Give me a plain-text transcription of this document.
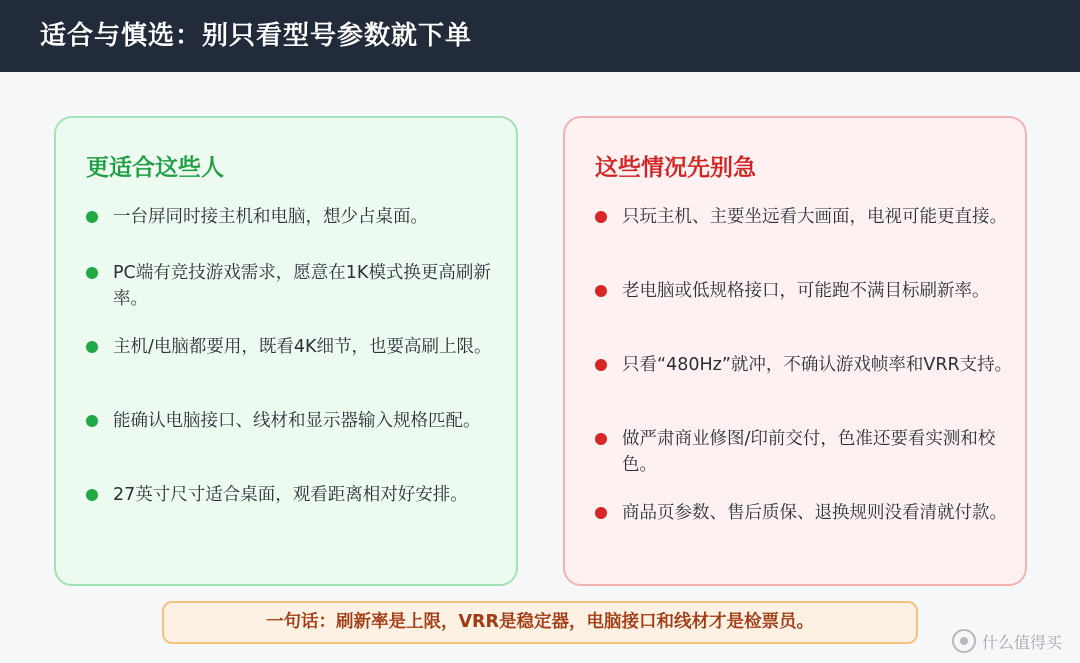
适合与慎选：别只看型号参数就下单
更适合这些人
一台屏同时接主机和电脑，想少占桌面。
PC端有竞技游戏需求，愿意在1K模式换更高刷新率。
主机/电脑都要用，既看4K细节，也要高刷上限。
能确认电脑接口、线材和显示器输入规格匹配。
27英寸尺寸适合桌面，观看距离相对好安排。
这些情况先别急
只玩主机、主要坐远看大画面，电视可能更直接。
老电脑或低规格接口，可能跑不满目标刷新率。
只看“480Hz”就冲，不确认游戏帧率和VRR支持。
做严肃商业修图/印前交付，色准还要看实测和校色。
商品页参数、售后质保、退换规则没看清就付款。
一句话：刷新率是上限，VRR是稳定器，电脑接口和线材才是检票员。
什么值得买
